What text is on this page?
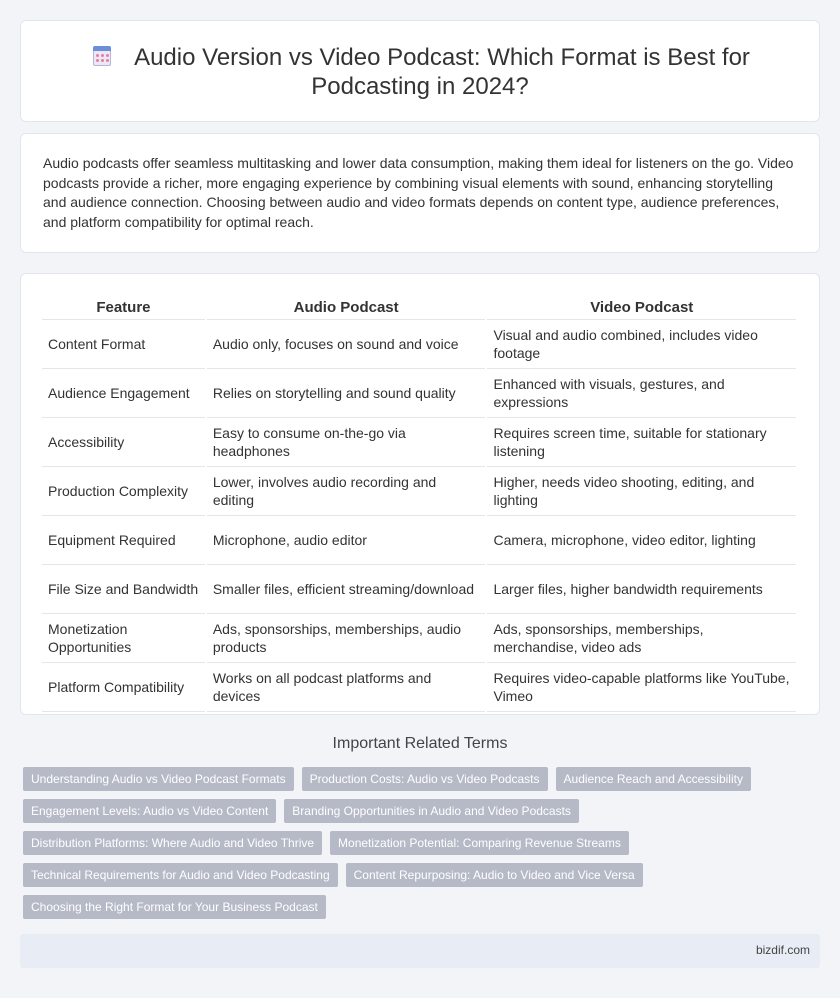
Audio Version vs Video Podcast: Which Format is Best for Podcasting in 2024?

Audio podcasts offer seamless multitasking and lower data consumption, making them ideal for listeners on the go. Video podcasts provide a richer, more engaging experience by combining visual elements with sound, enhancing storytelling and audience connection. Choosing between audio and video formats depends on content type, audience preferences, and platform compatibility for optimal reach.

Feature	Audio Podcast	Video Podcast
Content Format	Audio only, focuses on sound and voice	Visual and audio combined, includes video footage
Audience Engagement	Relies on storytelling and sound quality	Enhanced with visuals, gestures, and expressions
Accessibility	Easy to consume on-the-go via headphones	Requires screen time, suitable for stationary listening
Production Complexity	Lower, involves audio recording and editing	Higher, needs video shooting, editing, and lighting
Equipment Required	Microphone, audio editor	Camera, microphone, video editor, lighting
File Size and Bandwidth	Smaller files, efficient streaming/download	Larger files, higher bandwidth requirements
Monetization Opportunities	Ads, sponsorships, memberships, audio products	Ads, sponsorships, memberships, merchandise, video ads
Platform Compatibility	Works on all podcast platforms and devices	Requires video-capable platforms like YouTube, Vimeo
Important Related Terms
Understanding Audio vs Video Podcast Formats	Production Costs: Audio vs Video Podcasts	Audience Reach and Accessibility
Engagement Levels: Audio vs Video Content	Branding Opportunities in Audio and Video Podcasts
Distribution Platforms: Where Audio and Video Thrive	Monetization Potential: Comparing Revenue Streams
Technical Requirements for Audio and Video Podcasting	Content Repurposing: Audio to Video and Vice Versa
Choosing the Right Format for Your Business Podcast
bizdif.com
